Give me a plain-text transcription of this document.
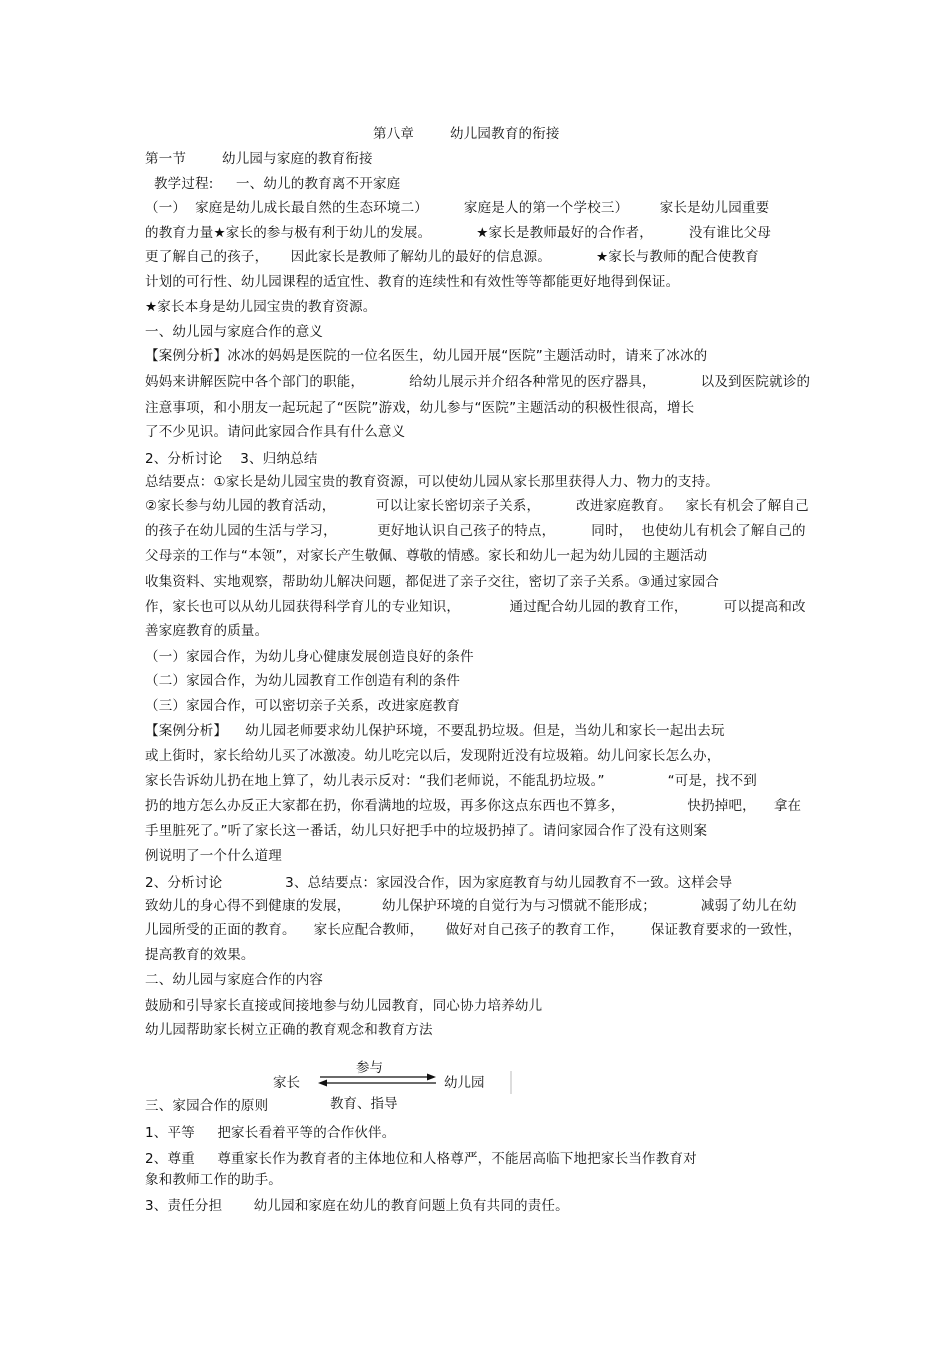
第八章        幼儿园教育的衔接
第一节        幼儿园与家庭的教育衔接
教学过程:     一、幼儿的教育离不开家庭
（一）  家庭是幼儿成长最自然的生态环境二）        家庭是人的第一个学校三）       家长是幼儿园重要
的教育力量★家长的参与极有利于幼儿的发展。          ★家长是教师最好的合作者，        没有谁比父母
更了解自己的孩子，     因此家长是教师了解幼儿的最好的信息源。          ★家长与教师的配合使教育
计划的可行性、幼儿园课程的适宜性、教育的连续性和有效性等等都能更好地得到保证。
★家长本身是幼儿园宝贵的教育资源。
一、幼儿园与家庭合作的意义
【案例分析】冰冰的妈妈是医院的一位名医生，幼儿园开展“医院”主题活动时，请来了冰冰的
妈妈来讲解医院中各个部门的职能，          给幼儿展示并介绍各种常见的医疗器具，          以及到医院就诊的
注意事项，和小朋友一起玩起了“医院”游戏，幼儿参与“医院”主题活动的积极性很高，增长
了不少见识。请问此家园合作具有什么意义
2、分析讨论    3、归纳总结
总结要点：①家长是幼儿园宝贵的教育资源，可以使幼儿园从家长那里获得人力、物力的支持。
②家长参与幼儿园的教育活动，         可以让家长密切亲子关系，        改进家庭教育。   家长有机会了解自己
的孩子在幼儿园的生活与学习，         更好地认识自己孩子的特点，        同时，  也使幼儿有机会了解自己的
父母亲的工作与“本领”，对家长产生敬佩、尊敬的情感。家长和幼儿一起为幼儿园的主题活动
收集资料、实地观察，帮助幼儿解决问题，都促进了亲子交往，密切了亲子关系。③通过家园合
作，家长也可以从幼儿园获得科学育儿的专业知识，           通过配合幼儿园的教育工作，        可以提高和改
善家庭教育的质量。
（一）家园合作，为幼儿身心健康发展创造良好的条件
（二）家园合作，为幼儿园教育工作创造有利的条件
（三）家园合作，可以密切亲子关系，改进家庭教育
【案例分析】    幼儿园老师要求幼儿保护环境，不要乱扔垃圾。但是，当幼儿和家长一起出去玩
或上街时，家长给幼儿买了冰激凌。幼儿吃完以后，发现附近没有垃圾箱。幼儿问家长怎么办，
家长告诉幼儿扔在地上算了，幼儿表示反对：“我们老师说，不能乱扔垃圾。”              “可是，找不到
扔的地方怎么办反正大家都在扔，你看满地的垃圾，再多你这点东西也不算多，              快扔掉吧，    拿在
手里脏死了。”听了家长这一番话，幼儿只好把手中的垃圾扔掉了。请问家园合作了没有这则案
例说明了一个什么道理
2、分析讨论              3、总结要点：家园没合作，因为家庭教育与幼儿园教育不一致。这样会导
致幼儿的身心得不到健康的发展，       幼儿保护环境的自觉行为与习惯就不能形成；          减弱了幼儿在幼
儿园所受的正面的教育。    家长应配合教师，     做好对自己孩子的教育工作，      保证教育要求的一致性，
提高教育的效果。
二、幼儿园与家庭合作的内容
鼓励和引导家长直接或间接地参与幼儿园教育，同心协力培养幼儿
幼儿园帮助家长树立正确的教育观念和教育方法
参与
家长	幼儿园
教育、指导
三、家园合作的原则
1、平等     把家长看着平等的合作伙伴。
2、尊重     尊重家长作为教育者的主体地位和人格尊严，不能居高临下地把家长当作教育对
象和教师工作的助手。
3、责任分担       幼儿园和家庭在幼儿的教育问题上负有共同的责任。
